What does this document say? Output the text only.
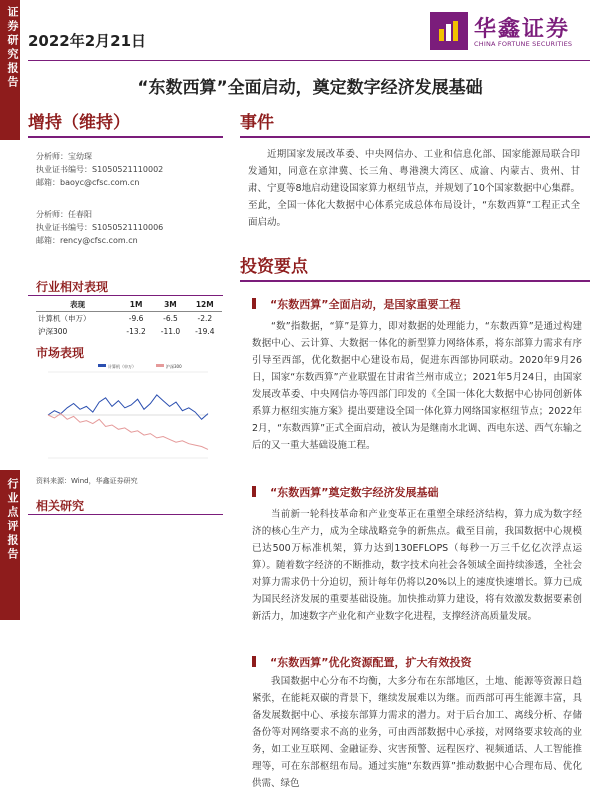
证券研究报告
行业点评报告
2022年2月21日	华鑫证券
CHINA FORTUNE SECURITIES
“东数西算”全面启动，奠定数字经济发展基础
增持（维持）
分析师：宝幼琛
执业证书编号：S1050521110002
邮箱：baoyc@cfsc.com.cn
分析师：任春阳
执业证书编号：S1050521110006
邮箱：rency@cfsc.com.cn
行业相对表现
表现	1M	3M	12M
计算机（申万）	-9.6	-6.5	-2.2
沪深300	-13.2	-11.0	-19.4
市场表现
计算机（申万）	沪深300
资料来源：Wind，华鑫证券研究
相关研究
事件
近期国家发展改革委、中央网信办、工业和信息化部、国家能源局联合印发通知，同意在京津冀、长三角、粤港澳大湾区、成渝、内蒙古、贵州、甘肃、宁夏等8地启动建设国家算力枢纽节点，并规划了10个国家数据中心集群。至此，全国一体化大数据中心体系完成总体布局设计，“东数西算”工程正式全面启动。
投资要点
“东数西算”全面启动，是国家重要工程
“数”指数据，“算”是算力，即对数据的处理能力，“东数西算”是通过构建数据中心、云计算、大数据一体化的新型算力网络体系，将东部算力需求有序引导至西部，优化数据中心建设布局，促进东西部协同联动。2020年9月26日，国家“东数西算”产业联盟在甘肃省兰州市成立；2021年5月24日，由国家发展改革委、中央网信办等四部门印发的《全国一体化大数据中心协同创新体系算力枢纽实施方案》提出要建设全国一体化算力网络国家枢纽节点；2022年2月，“东数西算”正式全面启动，被认为是继南水北调、西电东送、西气东输之后的又一重大基础设施工程。
“东数西算”奠定数字经济发展基础
当前新一轮科技革命和产业变革正在重塑全球经济结构，算力成为数字经济的核心生产力，成为全球战略竞争的新焦点。截至目前，我国数据中心规模已达500万标准机架，算力达到130EFLOPS（每秒一万三千亿亿次浮点运算）。随着数字经济的不断推动，数字技术向社会各领域全面持续渗透，全社会对算力需求仍十分迫切，预计每年仍将以20%以上的速度快速增长。算力已成为国民经济发展的重要基础设施。加快推动算力建设，将有效激发数据要素创新活力，加速数字产业化和产业数字化进程，支撑经济高质量发展。
“东数西算”优化资源配置，扩大有效投资
我国数据中心分布不均衡，大多分布在东部地区，土地、能源等资源日趋紧张，在能耗双碳的背景下，继续发展难以为继。而西部可再生能源丰富，具备发展数据中心、承接东部算力需求的潜力。对于后台加工、离线分析、存储备份等对网络要求不高的业务，可由西部数据中心承接，对网络要求较高的业务，如工业互联网、金融证券、灾害预警、远程医疗、视频通话、人工智能推理等，可在东部枢纽布局。通过实施“东数西算”推动数据中心合理布局、优化供需、绿色
